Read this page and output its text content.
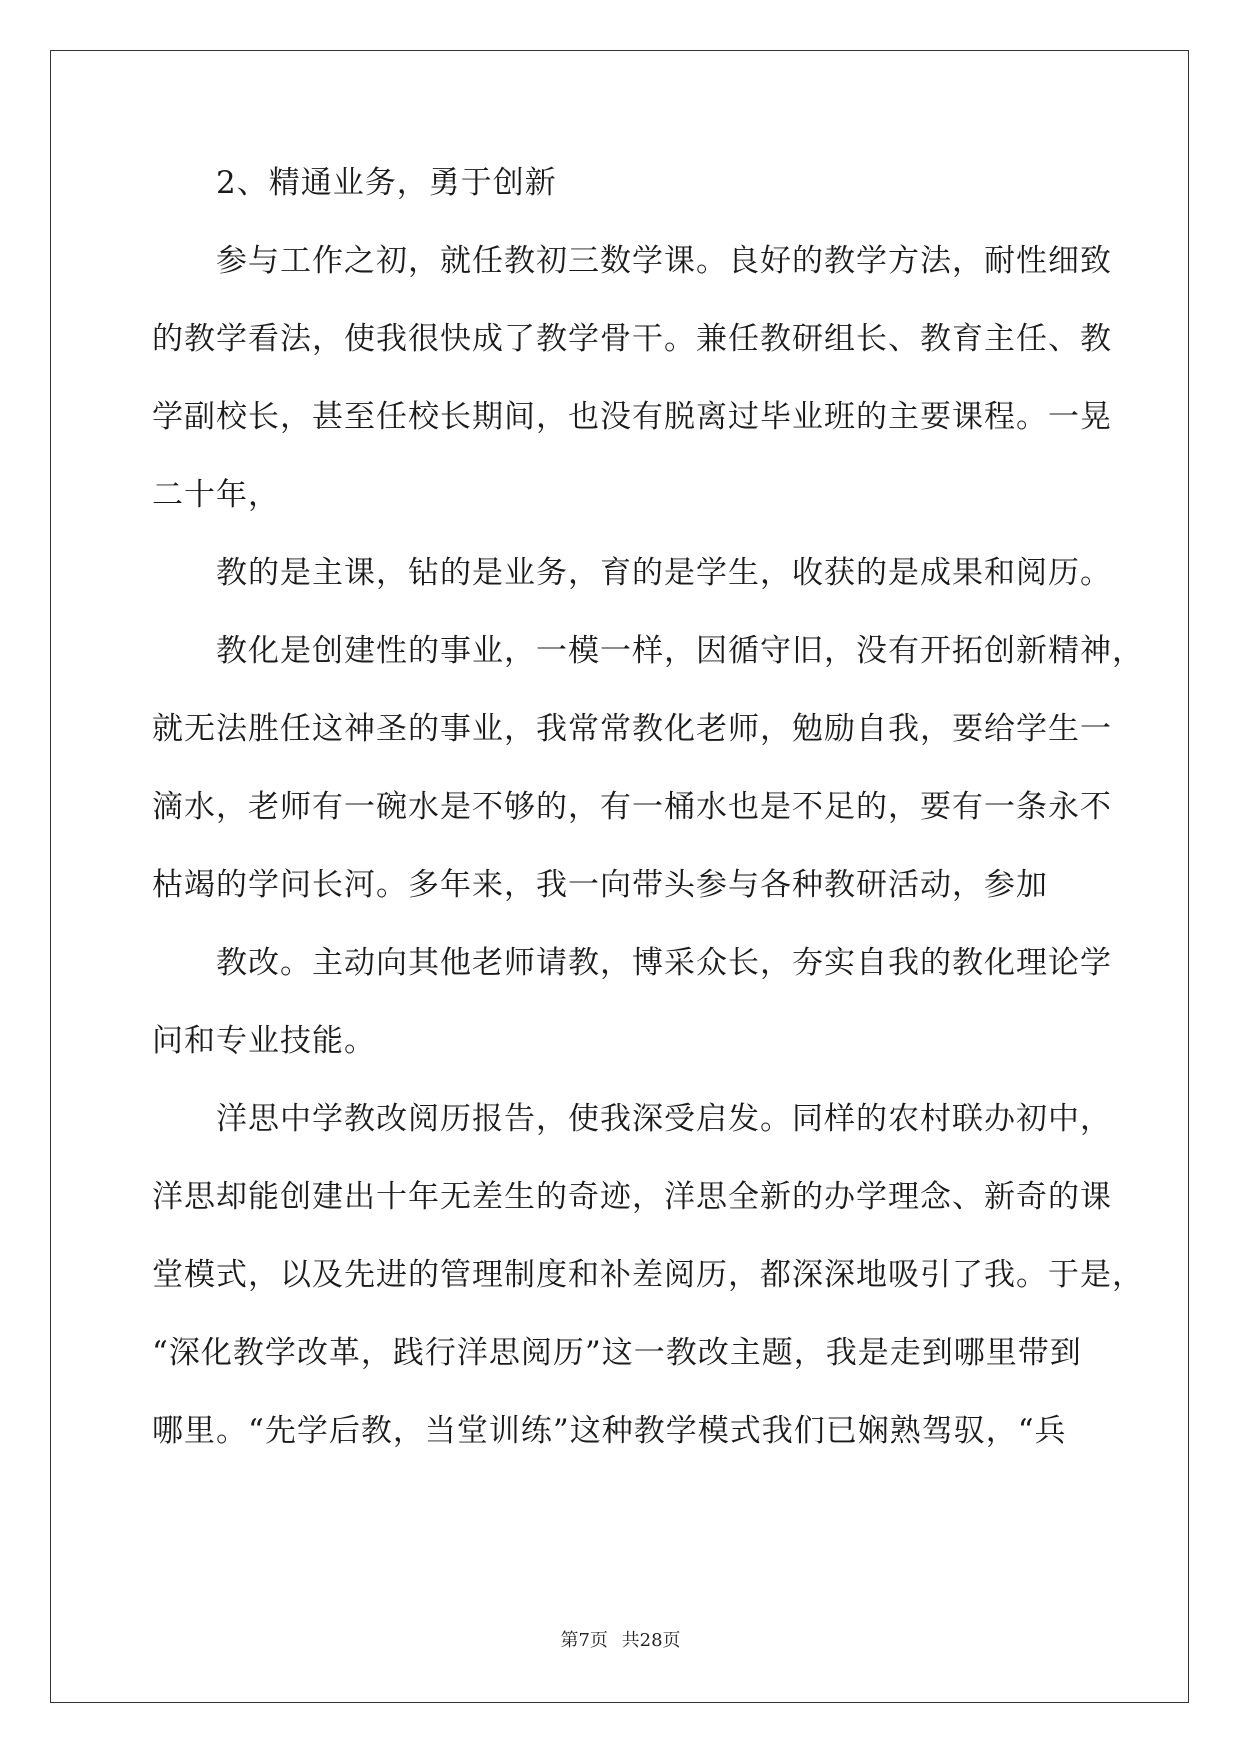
　　2、精通业务，勇于创新
　　参与工作之初，就任教初三数学课。良好的教学方法，耐性细致
的教学看法，使我很快成了教学骨干。兼任教研组长、教育主任、教
学副校长，甚至任校长期间，也没有脱离过毕业班的主要课程。一晃
二十年，
　　教的是主课，钻的是业务，育的是学生，收获的是成果和阅历。
　　教化是创建性的事业，一模一样，因循守旧，没有开拓创新精神，
就无法胜任这神圣的事业，我常常教化老师，勉励自我，要给学生一
滴水，老师有一碗水是不够的，有一桶水也是不足的，要有一条永不
枯竭的学问长河。多年来，我一向带头参与各种教研活动，参加
　　教改。主动向其他老师请教，博采众长，夯实自我的教化理论学
问和专业技能。
　　洋思中学教改阅历报告，使我深受启发。同样的农村联办初中，
洋思却能创建出十年无差生的奇迹，洋思全新的办学理念、新奇的课
堂模式，以及先进的管理制度和补差阅历，都深深地吸引了我。于是，
“深化教学改革，践行洋思阅历”这一教改主题，我是走到哪里带到
哪里。“先学后教，当堂训练”这种教学模式我们已娴熟驾驭，“兵
第7页 共28页
